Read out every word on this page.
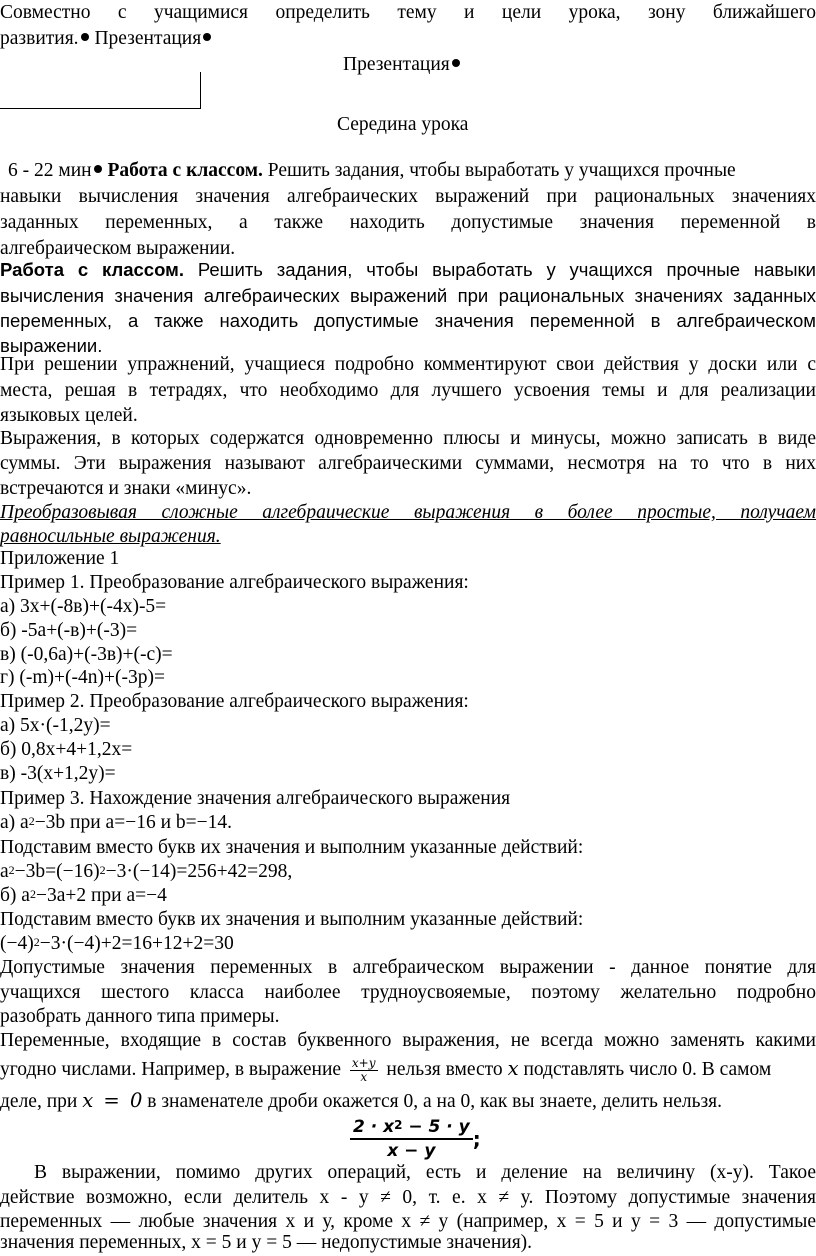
Совместно с учащимися определить тему и цели урока, зону ближайшего
развития. Презентация
Презентация
Середина урока
6 - 22 мин Работа с классом. Решить задания, чтобы выработать у учащихся прочные
навыки вычисления значения алгебраических выражений при рациональных значениях
заданных переменных, а также находить допустимые значения переменной в
алгебраическом выражении.
Работа с классом. Решить задания, чтобы выработать у учащихся прочные навыки
вычисления значения алгебраических выражений при рациональных значениях заданных
переменных, а также находить допустимые значения переменной в алгебраическом
выражении.
При решении упражнений, учащиеся подробно комментируют свои действия у доски или с
места, решая в тетрадях, что необходимо для лучшего усвоения темы и для реализации
языковых целей.
Выражения, в которых содержатся одновременно плюсы и минусы, можно записать в виде
суммы. Эти выражения называют алгебраическими суммами, несмотря на то что в них
встречаются и знаки «минус».
Преобразовывая сложные алгебраические выражения в более простые, получаем
равносильные выражения.
Приложение 1
Пример 1. Преобразование алгебраического выражения:
а) 3х+(-8в)+(-4х)-5=
б) -5а+(-в)+(-3)=
в) (-0,6а)+(-3в)+(-с)=
г) (-m)+(-4n)+(-3p)=
Пример 2. Преобразование алгебраического выражения:
а) 5х·(-1,2у)=
б) 0,8х+4+1,2х=
в) -3(х+1,2у)=
Пример 3. Нахождение значения алгебраического выражения
а) $a^2-3b$ при a=−16 и b=−14.
Подставим вместо букв их значения и выполним указанные действий:
$a^2-3b=(-16)^2-3\cdot(-14)=256+42=298$,
б) $a^2-3a+2$ при a=−4
Подставим вместо букв их значения и выполним указанные действий:
$(-4)^2-3\cdot(-4)+2=16+12+2=30$
Допустимые значения переменных в алгебраическом выражении - данное понятие для
учащихся шестого класса наиболее трудноусвояемые, поэтому желательно подробно
разобрать данного типа примеры.
Переменные, входящие в состав буквенного выражения, не всегда можно заменять какими
угодно числами. Например, в выражение $\frac{x+y}{x}$ нельзя вместо x подставлять число 0. В самом
деле, при x = 0 в знаменателе дроби окажется 0, а на 0, как вы знаете, делить нельзя.
$\frac{2 \cdot x^2 - 5 \cdot y}{x - y}$ ;
В выражении, помимо других операций, есть и деление на величину (х-у). Такое
действие возможно, если делитель х - у ≠ 0, т. е. х ≠ у. Поэтому допустимые значения
переменных — любые значения х и у, кроме х ≠ у (например, х = 5 и у = 3 — допустимые
значения переменных, х = 5 и у = 5 — недопустимые значения).
